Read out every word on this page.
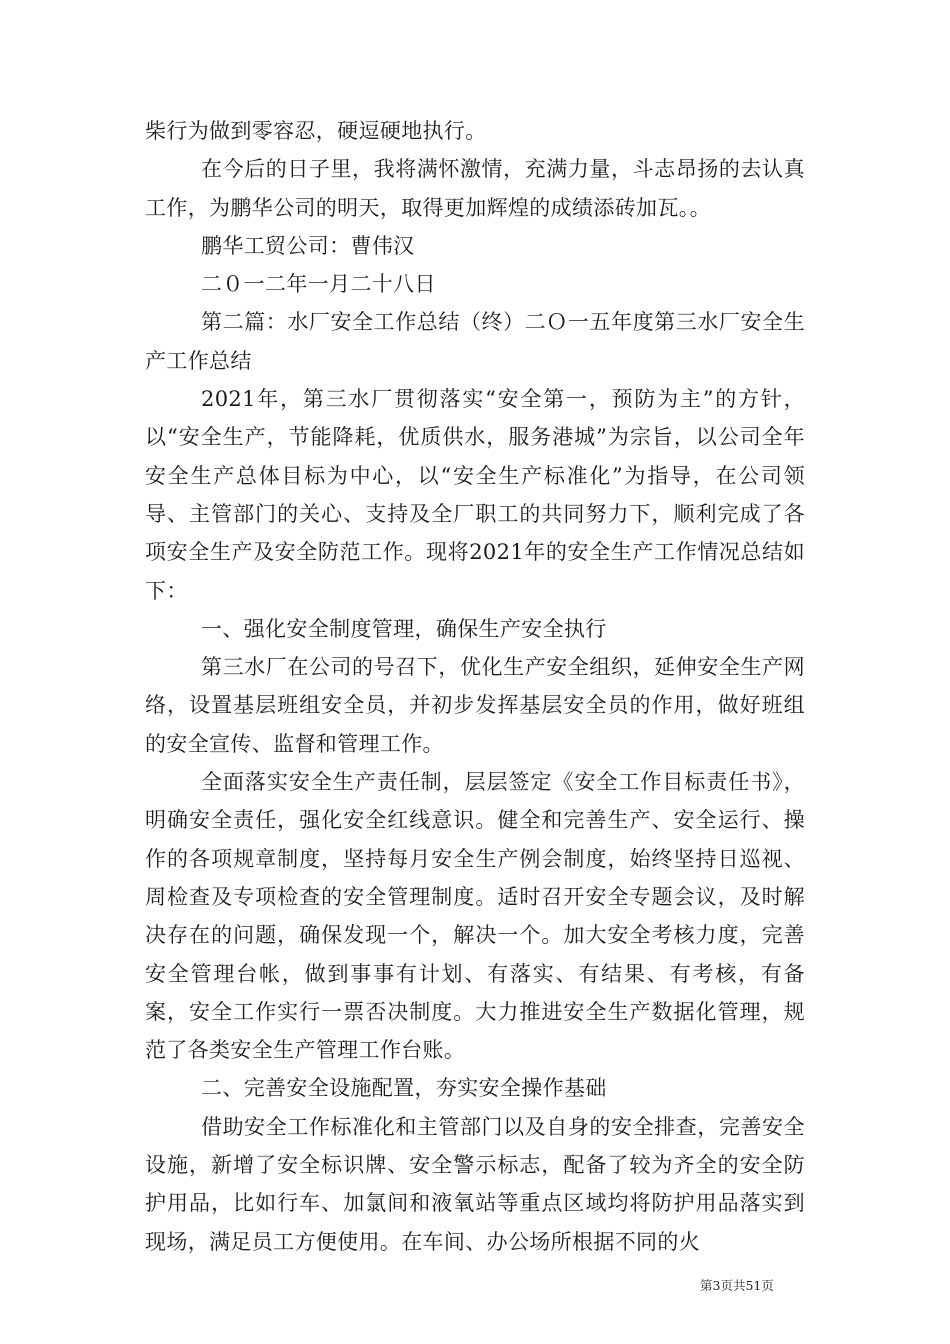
柴行为做到零容忍，硬逗硬地执行。

在今后的日子里，我将满怀激情，充满力量，斗志昂扬的去认真工作，为鹏华公司的明天，取得更加辉煌的成绩添砖加瓦。。

鹏华工贸公司：曹伟汉

二０一二年一月二十八日

第二篇：水厂安全工作总结（终）二Ｏ一五年度第三水厂安全生产工作总结

2021年，第三水厂贯彻落实“安全第一，预防为主”的方针，以“安全生产，节能降耗，优质供水，服务港城”为宗旨，以公司全年安全生产总体目标为中心，以“安全生产标准化”为指导，在公司领导、主管部门的关心、支持及全厂职工的共同努力下，顺利完成了各项安全生产及安全防范工作。现将2021年的安全生产工作情况总结如下：

一、强化安全制度管理，确保生产安全执行

第三水厂在公司的号召下，优化生产安全组织，延伸安全生产网络，设置基层班组安全员，并初步发挥基层安全员的作用，做好班组的安全宣传、监督和管理工作。

全面落实安全生产责任制，层层签定《安全工作目标责任书》，明确安全责任，强化安全红线意识。健全和完善生产、安全运行、操作的各项规章制度，坚持每月安全生产例会制度，始终坚持日巡视、周检查及专项检查的安全管理制度。适时召开安全专题会议，及时解决存在的问题，确保发现一个，解决一个。加大安全考核力度，完善安全管理台帐，做到事事有计划、有落实、有结果、有考核，有备案，安全工作实行一票否决制度。大力推进安全生产数据化管理，规范了各类安全生产管理工作台账。

二、完善安全设施配置，夯实安全操作基础

借助安全工作标准化和主管部门以及自身的安全排查，完善安全设施，新增了安全标识牌、安全警示标志，配备了较为齐全的安全防护用品，比如行车、加氯间和液氧站等重点区域均将防护用品落实到现场，满足员工方便使用。在车间、办公场所根据不同的火

第3页共51页
